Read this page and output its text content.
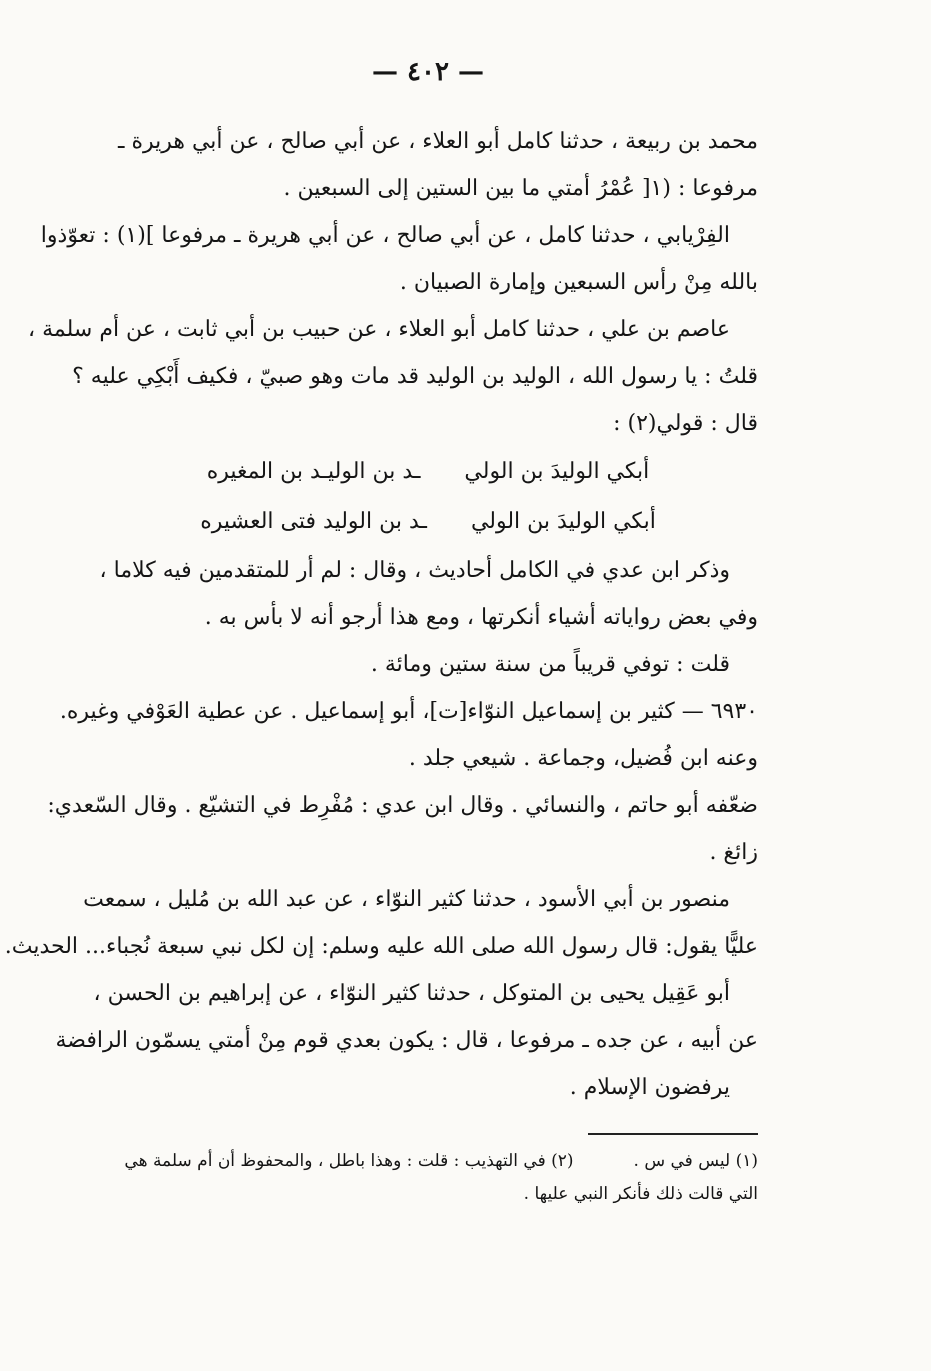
— ٤٠٢ —
محمد بن ربيعة ، حدثنا كامل أبو العلاء ، عن أبي صالح ، عن أبي هريرة ـ
مرفوعا : (١[ عُمْرُ أمتي ما بين الستين إلى السبعين .
الفِرْيابي ، حدثنا كامل ، عن أبي صالح ، عن أبي هريرة ـ مرفوعا ](١) : تعوّذوا
بالله مِنْ رأس السبعين وإمارة الصبيان .
عاصم بن علي ، حدثنا كامل أبو العلاء ، عن حبيب بن أبي ثابت ، عن أم سلمة ،
قلتُ : يا رسول الله ، الوليد بن الوليد قد مات وهو صبيّ ، فكيف أَبْكِي عليه ؟
قال : قولي(٢) :
أبكي الوليدَ بن الولي
ـد بن الوليـد بن المغيره
أبكي الوليدَ بن الولي
ـد بن الوليد فتى العشيره
وذكر ابن عدي في الكامل أحاديث ، وقال : لم أر للمتقدمين فيه كلاما ،
وفي بعض رواياته أشياء أنكرتها ، ومع هذا أرجو أنه لا بأس به .
قلت : توفي قريباً من سنة ستين ومائة .
٦٩٣٠ — كثير بن إسماعيل النوّاء[ت]، أبو إسماعيل . عن عطية العَوْفي وغيره.
وعنه ابن فُضيل، وجماعة . شيعي جلد .
ضعّفه أبو حاتم ، والنسائي . وقال ابن عدي : مُفْرِط في التشيّع . وقال السّعدي:
زائغ .
منصور بن أبي الأسود ، حدثنا كثير النوّاء ، عن عبد الله بن مُليل ، سمعت
عليًّا يقول: قال رسول الله صلى الله عليه وسلم: إن لكل نبي سبعة نُجباء... الحديث.
أبو عَقِيل يحيى بن المتوكل ، حدثنا كثير النوّاء ، عن إبراهيم بن الحسن ،
عن أبيه ، عن جده ـ مرفوعا ، قال : يكون بعدي قوم مِنْ أمتي يسمّون الرافضة
يرفضون الإسلام .
(١) ليس في س .(٢) في التهذيب : قلت : وهذا باطل ، والمحفوظ أن أم سلمة هي
التي قالت ذلك فأنكر النبي عليها .
